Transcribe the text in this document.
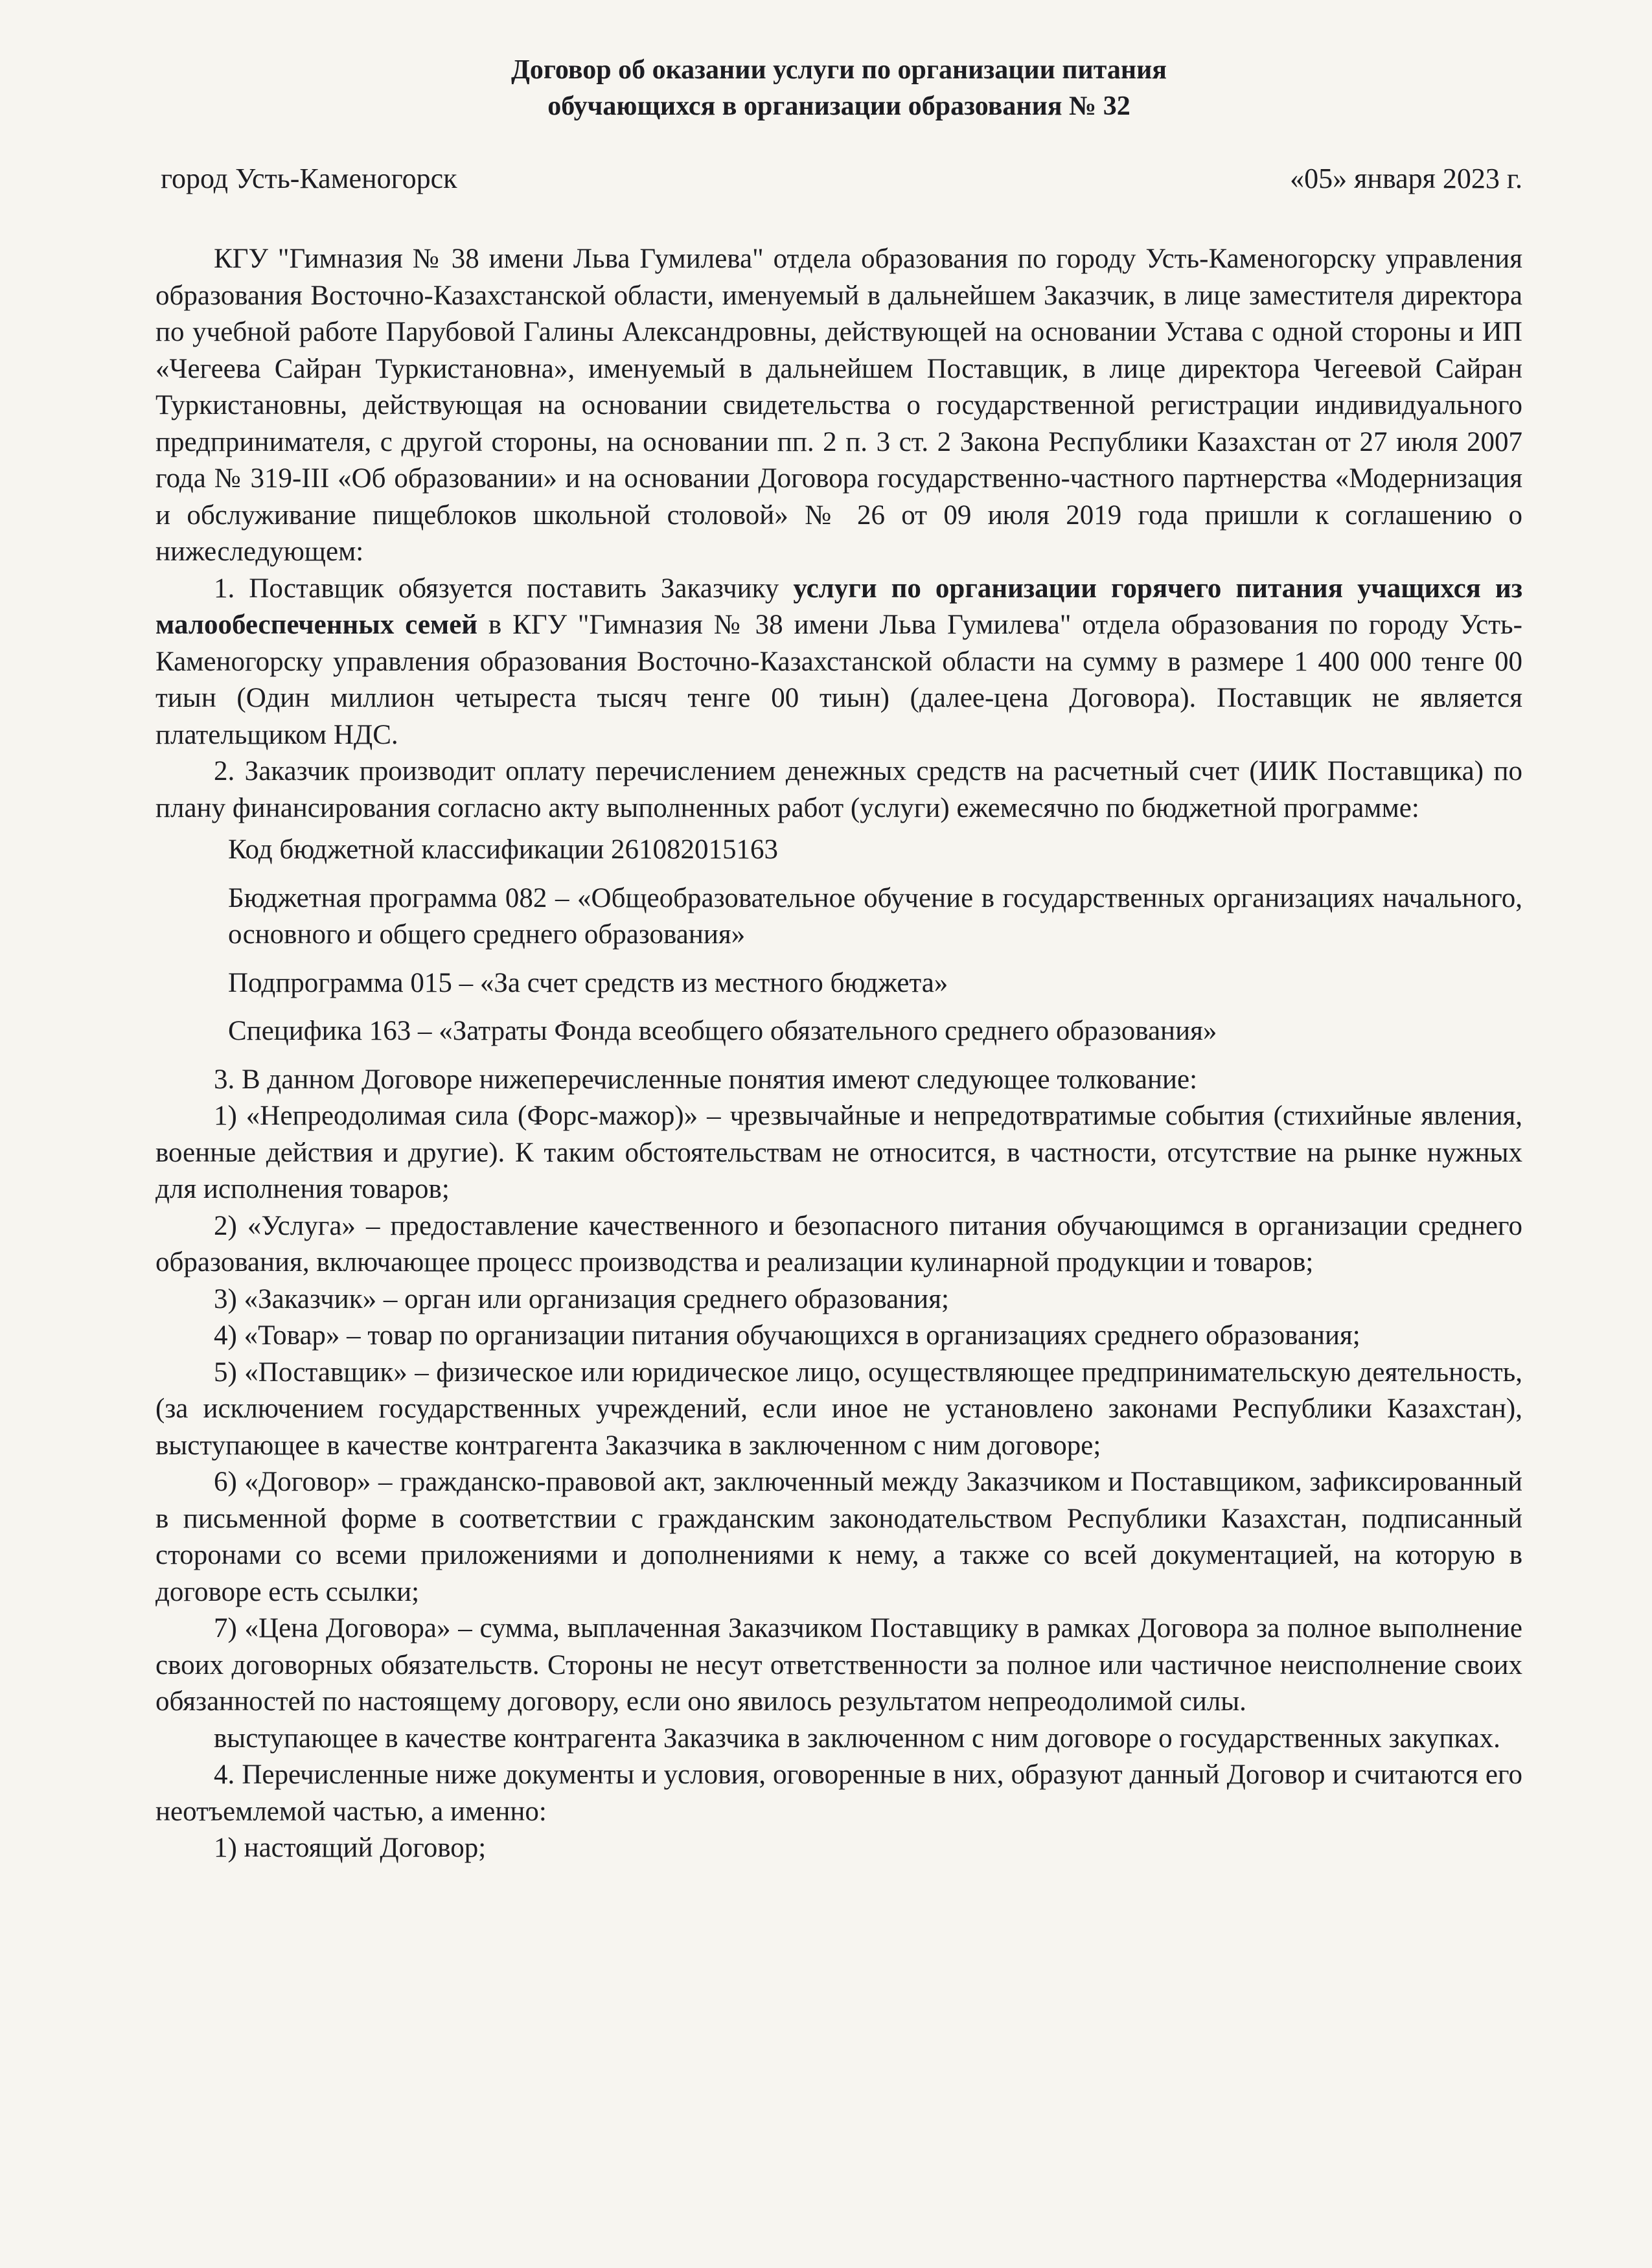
Договор об оказании услуги по организации питания
обучающихся в организации образования № 32
город Усть-Каменогорск	«05» января 2023 г.

КГУ "Гимназия № 38 имени Льва Гумилева" отдела образования по городу Усть-Каменогорску управления образования Восточно-Казахстанской области, именуемый в дальнейшем Заказчик, в лице заместителя директора по учебной работе Парубовой Галины Александровны, действующей на основании Устава с одной стороны и ИП «Чегеева Сайран Туркистановна», именуемый в дальнейшем Поставщик, в лице директора Чегеевой Сайран Туркистановны, действующая на основании свидетельства о государственной регистрации индивидуального предпринимателя, с другой стороны, на основании пп. 2 п. 3 ст. 2 Закона Республики Казахстан от 27 июля 2007 года № 319-III «Об образовании» и на основании Договора государственно-частного партнерства «Модернизация и обслуживание пищеблоков школьной столовой» № 26 от 09 июля 2019 года пришли к соглашению о нижеследующем:

1. Поставщик обязуется поставить Заказчику услуги по организации горячего питания учащихся из малообеспеченных семей в КГУ "Гимназия № 38 имени Льва Гумилева" отдела образования по городу Усть-Каменогорску управления образования Восточно-Казахстанской области на сумму в размере 1 400 000 тенге 00 тиын (Один миллион четыреста тысяч тенге 00 тиын) (далее-цена Договора). Поставщик не является плательщиком НДС.

2. Заказчик производит оплату перечислением денежных средств на расчетный счет (ИИК Поставщика) по плану финансирования согласно акту выполненных работ (услуги) ежемесячно по бюджетной программе:

Код бюджетной классификации 261082015163

Бюджетная программа 082 – «Общеобразовательное обучение в государственных организациях начального, основного и общего среднего образования»

Подпрограмма 015 – «За счет средств из местного бюджета»

Специфика 163 – «Затраты Фонда всеобщего обязательного среднего образования»

3. В данном Договоре нижеперечисленные понятия имеют следующее толкование:

1) «Непреодолимая сила (Форс-мажор)» – чрезвычайные и непредотвратимые события (стихийные явления, военные действия и другие). К таким обстоятельствам не относится, в частности, отсутствие на рынке нужных для исполнения товаров;

2) «Услуга» – предоставление качественного и безопасного питания обучающимся в организации среднего образования, включающее процесс производства и реализации кулинарной продукции и товаров;

3) «Заказчик» – орган или организация среднего образования;

4) «Товар» – товар по организации питания обучающихся в организациях среднего образования;

5) «Поставщик» – физическое или юридическое лицо, осуществляющее предпринимательскую деятельность, (за исключением государственных учреждений, если иное не установлено законами Республики Казахстан), выступающее в качестве контрагента Заказчика в заключенном с ним договоре;

6) «Договор» – гражданско-правовой акт, заключенный между Заказчиком и Поставщиком, зафиксированный в письменной форме в соответствии с гражданским законодательством Республики Казахстан, подписанный сторонами со всеми приложениями и дополнениями к нему, а также со всей документацией, на которую в договоре есть ссылки;

7) «Цена Договора» – сумма, выплаченная Заказчиком Поставщику в рамках Договора за полное выполнение своих договорных обязательств. Стороны не несут ответственности за полное или частичное неисполнение своих обязанностей по настоящему договору, если оно явилось результатом непреодолимой силы.

выступающее в качестве контрагента Заказчика в заключенном с ним договоре о государственных закупках.

4. Перечисленные ниже документы и условия, оговоренные в них, образуют данный Договор и считаются его неотъемлемой частью, а именно:

1) настоящий Договор;
